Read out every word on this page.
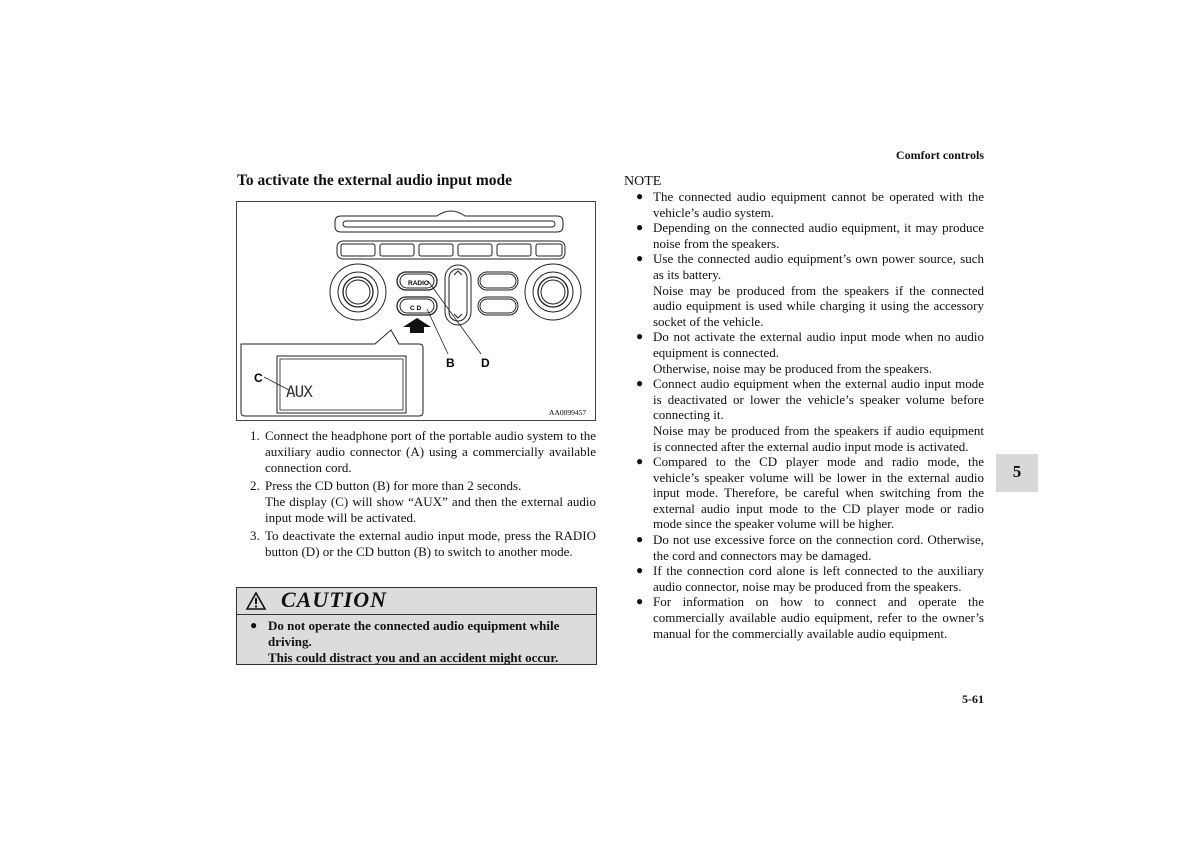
Comfort controls
To activate the external audio input mode
RADIO
C D
B D
AUX
C
AA0099457
1. Connect the headphone port of the portable audio system to the auxiliary audio connector (A) using a commercially available connection cord.
2. Press the CD button (B) for more than 2 seconds.
The display (C) will show “AUX” and then the external audio input mode will be activated.
3. To deactivate the external audio input mode, press the RADIO button (D) or the CD button (B) to switch to another mode.
CAUTION
● Do not operate the connected audio equipment while driving.
This could distract you and an accident might occur.
NOTE
● The connected audio equipment cannot be operated with the vehicle’s audio system.
● Depending on the connected audio equipment, it may produce noise from the speakers.
● Use the connected audio equipment’s own power source, such as its battery.
Noise may be produced from the speakers if the connected audio equipment is used while charging it using the accessory socket of the vehicle.
● Do not activate the external audio input mode when no audio equipment is connected.
Otherwise, noise may be produced from the speakers.
● Connect audio equipment when the external audio input mode is deactivated or lower the vehicle’s speaker volume before connecting it.
Noise may be produced from the speakers if audio equipment is connected after the external audio input mode is activated.
● Compared to the CD player mode and radio mode, the vehicle’s speaker volume will be lower in the external audio input mode. Therefore, be careful when switching from the external audio input mode to the CD player mode or radio mode since the speaker volume will be higher.
● Do not use excessive force on the connection cord. Otherwise, the cord and connectors may be damaged.
● If the connection cord alone is left connected to the auxiliary audio connector, noise may be produced from the speakers.
● For information on how to connect and operate the commercially available audio equipment, refer to the owner’s manual for the commercially available audio equipment.
5
5-61
